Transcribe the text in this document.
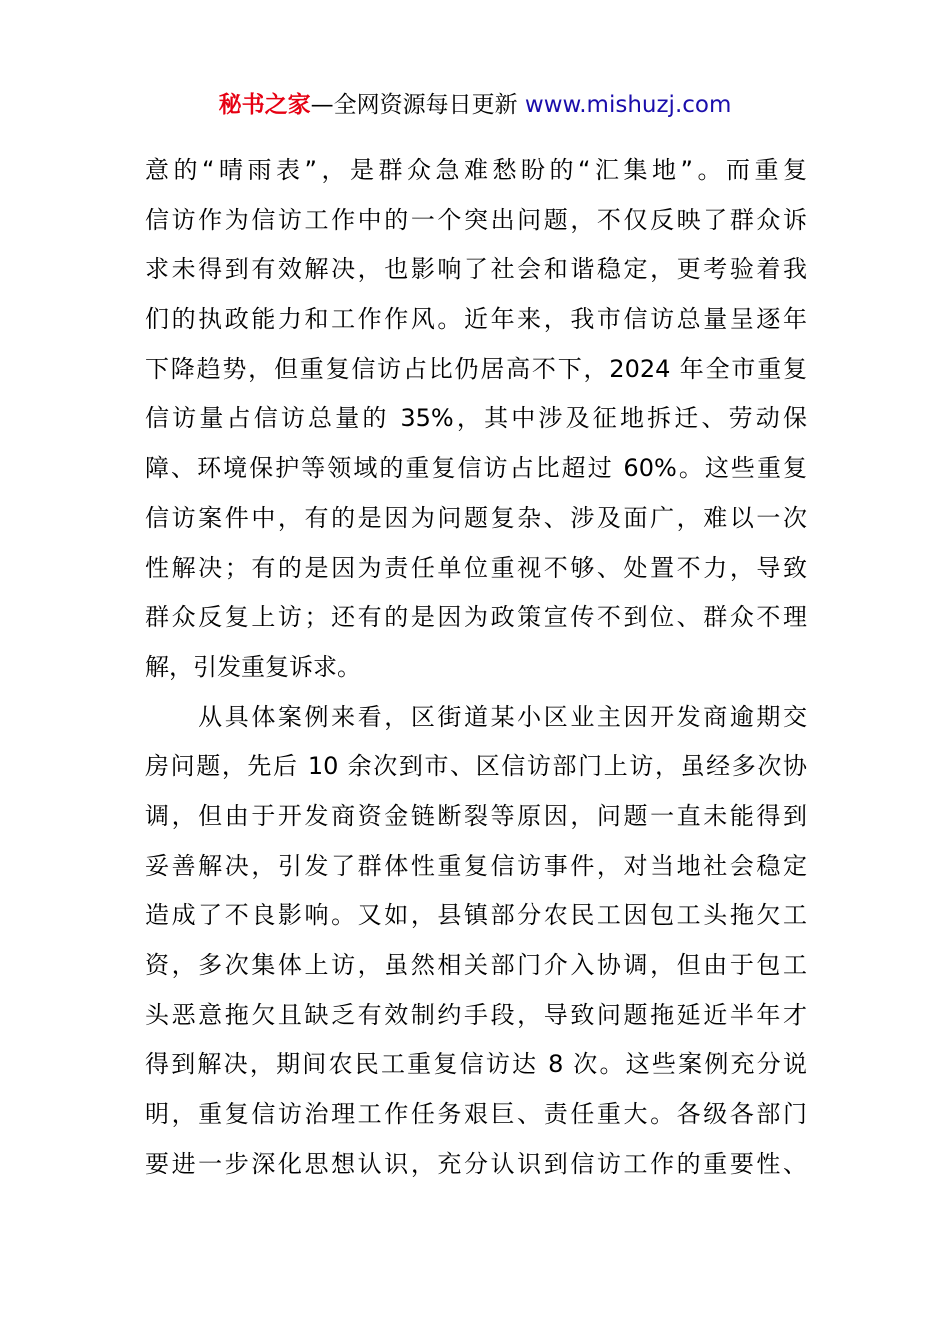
秘书之家—全网资源每日更新 www.mishuzj.com
意的“晴雨表”，是群众急难愁盼的“汇集地”。而重复
信访作为信访工作中的一个突出问题，不仅反映了群众诉
求未得到有效解决，也影响了社会和谐稳定，更考验着我
们的执政能力和工作作风。近年来，我市信访总量呈逐年
下降趋势，但重复信访占比仍居高不下，2024 年全市重复
信访量占信访总量的 35%，其中涉及征地拆迁、劳动保
障、环境保护等领域的重复信访占比超过 60%。这些重复
信访案件中，有的是因为问题复杂、涉及面广，难以一次
性解决；有的是因为责任单位重视不够、处置不力，导致
群众反复上访；还有的是因为政策宣传不到位、群众不理
解，引发重复诉求。
　　从具体案例来看，区街道某小区业主因开发商逾期交
房问题，先后 10 余次到市、区信访部门上访，虽经多次协
调，但由于开发商资金链断裂等原因，问题一直未能得到
妥善解决，引发了群体性重复信访事件，对当地社会稳定
造成了不良影响。又如，县镇部分农民工因包工头拖欠工
资，多次集体上访，虽然相关部门介入协调，但由于包工
头恶意拖欠且缺乏有效制约手段，导致问题拖延近半年才
得到解决，期间农民工重复信访达 8 次。这些案例充分说
明，重复信访治理工作任务艰巨、责任重大。各级各部门
要进一步深化思想认识，充分认识到信访工作的重要性、
